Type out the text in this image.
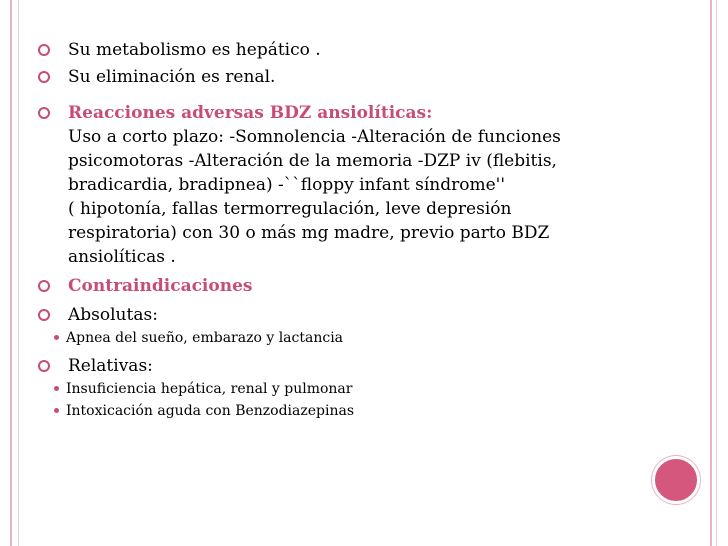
Su metabolismo es hepático .
Su eliminación es renal.
Reacciones adversas BDZ ansiolíticas:
Uso a corto plazo: -Somnolencia -Alteración de funciones
psicomotoras -Alteración de la memoria -DZP iv (flebitis,
bradicardia, bradipnea) -``floppy infant síndrome''
( hipotonía, fallas termorregulación, leve depresión
respiratoria) con 30 o más mg madre, previo parto BDZ
ansiolíticas .
Contraindicaciones
Absolutas:
Apnea del sueño, embarazo y lactancia
Relativas:
Insuficiencia hepática, renal y pulmonar
Intoxicación aguda con Benzodiazepinas
